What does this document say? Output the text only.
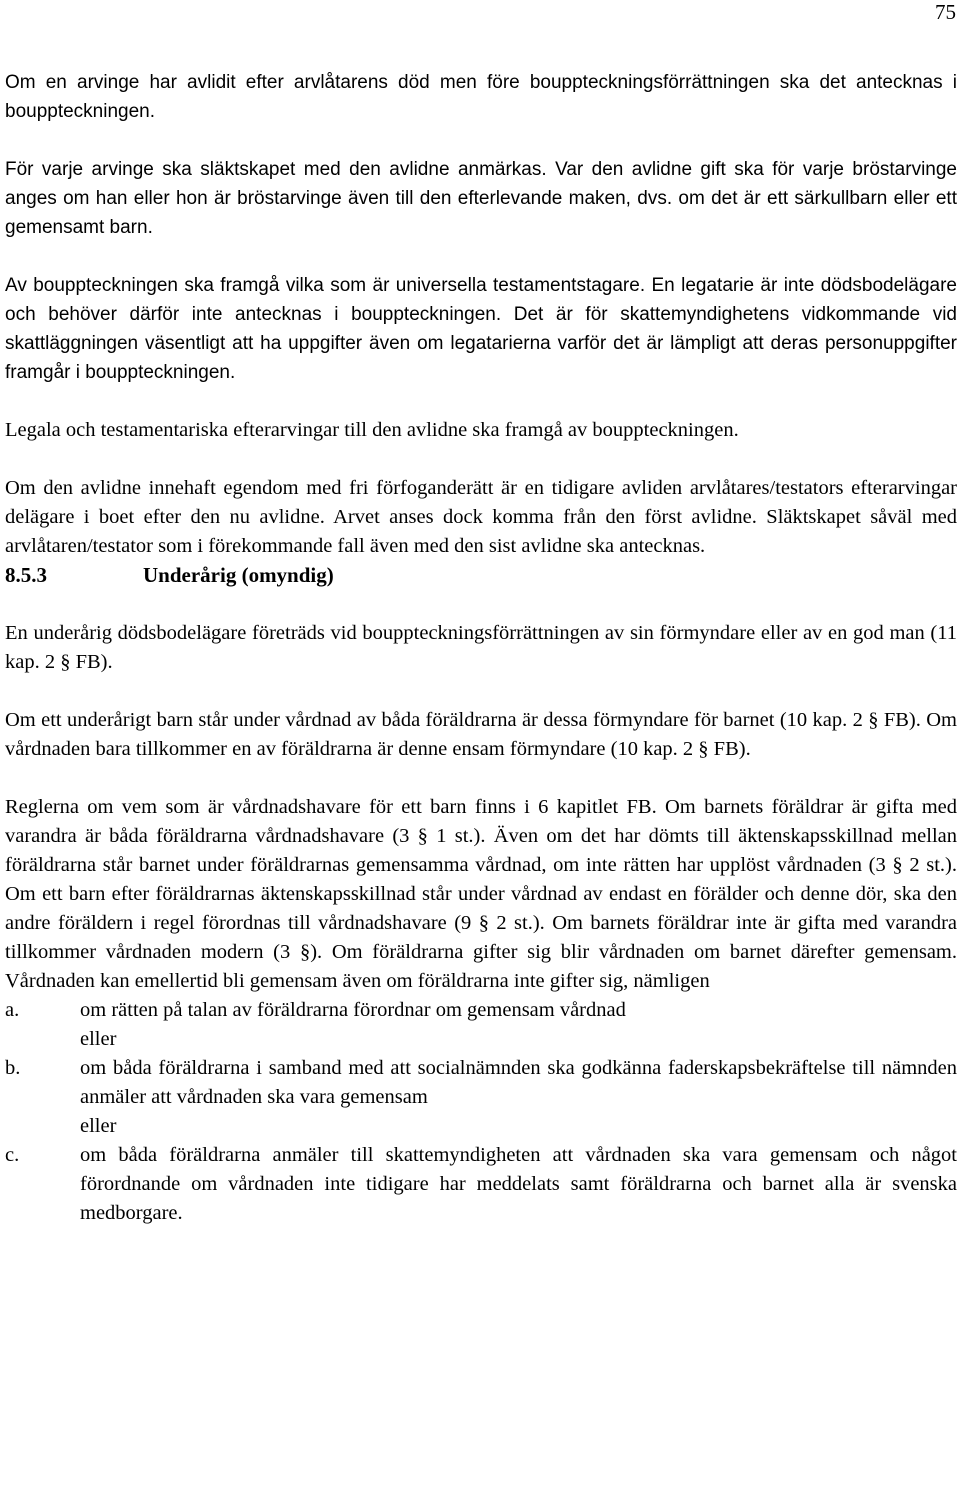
75

Om en arvinge har avlidit efter arvlåtarens död men före bouppteckningsförrättningen ska det antecknas i bouppteckningen.

För varje arvinge ska släktskapet med den avlidne anmärkas. Var den avlidne gift ska för varje bröstarvinge anges om han eller hon är bröstarvinge även till den efterlevande maken, dvs. om det är ett särkullbarn eller ett gemensamt barn.

Av bouppteckningen ska framgå vilka som är universella testamentstagare. En legatarie är inte dödsbodelägare och behöver därför inte antecknas i bouppteckningen. Det är för skattemyndighetens vidkommande vid skattläggningen väsentligt att ha uppgifter även om legatarierna varför det är lämpligt att deras personuppgifter framgår i bouppteckningen.

Legala och testamentariska efterarvingar till den avlidne ska framgå av bouppteckningen.

Om den avlidne innehaft egendom med fri förfoganderätt är en tidigare avliden arvlåtares/testators efterarvingar delägare i boet efter den nu avlidne. Arvet anses dock komma från den först avlidne. Släktskapet såväl med arvlåtaren/testator som i förekommande fall även med den sist avlidne ska antecknas.

8.5.3	Underårig (omyndig)

En underårig dödsbodelägare företräds vid bouppteckningsförrättningen av sin förmyndare eller av en god man (11 kap. 2 § FB).

Om ett underårigt barn står under vårdnad av båda föräldrarna är dessa förmyndare för barnet (10 kap. 2 § FB). Om vårdnaden bara tillkommer en av föräldrarna är denne ensam förmyndare (10 kap. 2 § FB).

Reglerna om vem som är vårdnadshavare för ett barn finns i 6 kapitlet FB. Om barnets föräldrar är gifta med varandra är båda föräldrarna vårdnadshavare (3 § 1 st.). Även om det har dömts till äktenskapsskillnad mellan föräldrarna står barnet under föräldrarnas gemensamma vårdnad, om inte rätten har upplöst vårdnaden (3 § 2 st.). Om ett barn efter föräldrarnas äktenskapsskillnad står under vårdnad av endast en förälder och denne dör, ska den andre föräldern i regel förordnas till vårdnadshavare (9 § 2 st.). Om barnets föräldrar inte är gifta med varandra tillkommer vårdnaden modern (3 §). Om föräldrarna gifter sig blir vårdnaden om barnet därefter gemensam. Vårdnaden kan emellertid bli gemensam även om föräldrarna inte gifter sig, nämligen

a.	om rätten på talan av föräldrarna förordnar om gemensam vårdnad
eller
b.	om båda föräldrarna i samband med att socialnämnden ska godkänna faderskapsbekräftelse till nämnden anmäler att vårdnaden ska vara gemensam
eller
c.	om båda föräldrarna anmäler till skattemyndigheten att vårdnaden ska vara gemensam och något förordnande om vårdnaden inte tidigare har meddelats samt föräldrarna och barnet alla är svenska medborgare.
